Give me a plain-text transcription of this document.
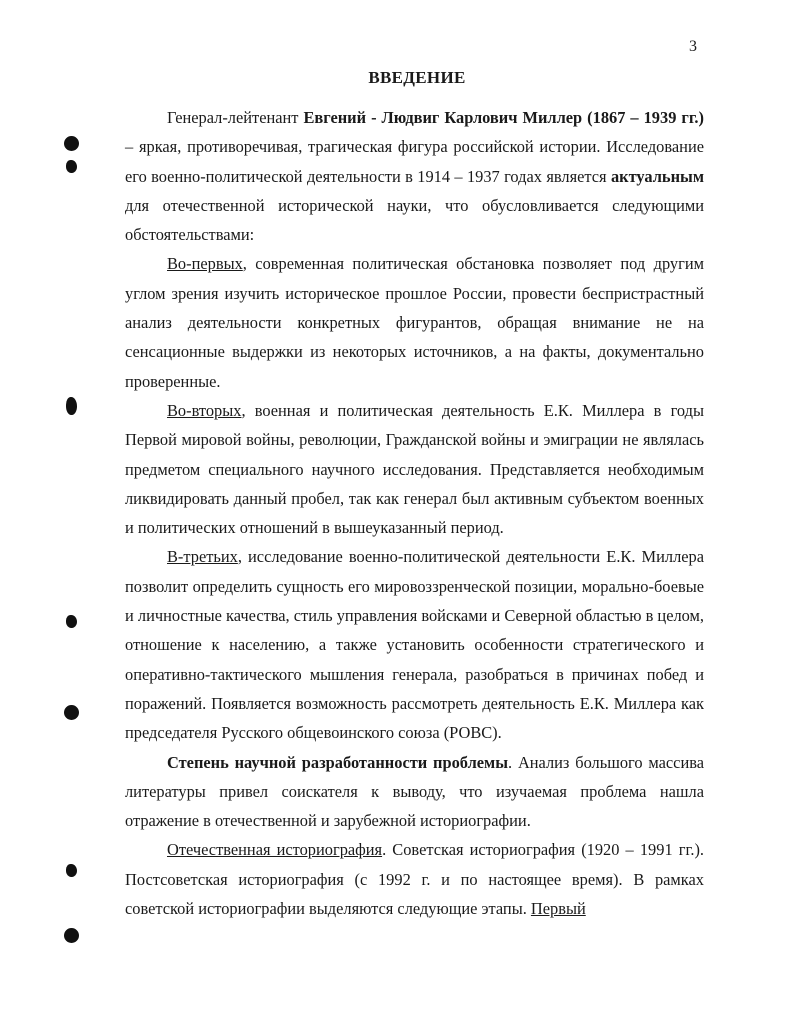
3
ВВЕДЕНИЕ

Генерал-лейтенант Евгений - Людвиг Карлович Миллер (1867 – 1939 гг.) – яркая, противоречивая, трагическая фигура российской истории. Исследование его военно-политической деятельности в 1914 – 1937 годах является актуальным для отечественной исторической науки, что обусловливается следующими обстоятельствами:

Во-первых, современная политическая обстановка позволяет под другим углом зрения изучить историческое прошлое России, провести беспристрастный анализ деятельности конкретных фигурантов, обращая внимание не на сенсационные выдержки из некоторых источников, а на факты, документально проверенные.

Во-вторых, военная и политическая деятельность Е.К. Миллера в годы Первой мировой войны, революции, Гражданской войны и эмиграции не являлась предметом специального научного исследования. Представляется необходимым ликвидировать данный пробел, так как генерал был активным субъектом военных и политических отношений в вышеуказанный период.

В-третьих, исследование военно-политической деятельности Е.К. Миллера позволит определить сущность его мировоззренческой позиции, морально-боевые и личностные качества, стиль управления войсками и Северной областью в целом, отношение к населению, а также установить особенности стратегического и оперативно-тактического мышления генерала, разобраться в причинах побед и поражений. Появляется возможность рассмотреть деятельность Е.К. Миллера как председателя Русского общевоинского союза (РОВС).

Степень научной разработанности проблемы. Анализ большого массива литературы привел соискателя к выводу, что изучаемая проблема нашла отражение в отечественной и зарубежной историографии.

Отечественная историография. Советская историография (1920 – 1991 гг.). Постсоветская историография (с 1992 г. и по настоящее время). В рамках советской историографии выделяются следующие этапы. Первый
